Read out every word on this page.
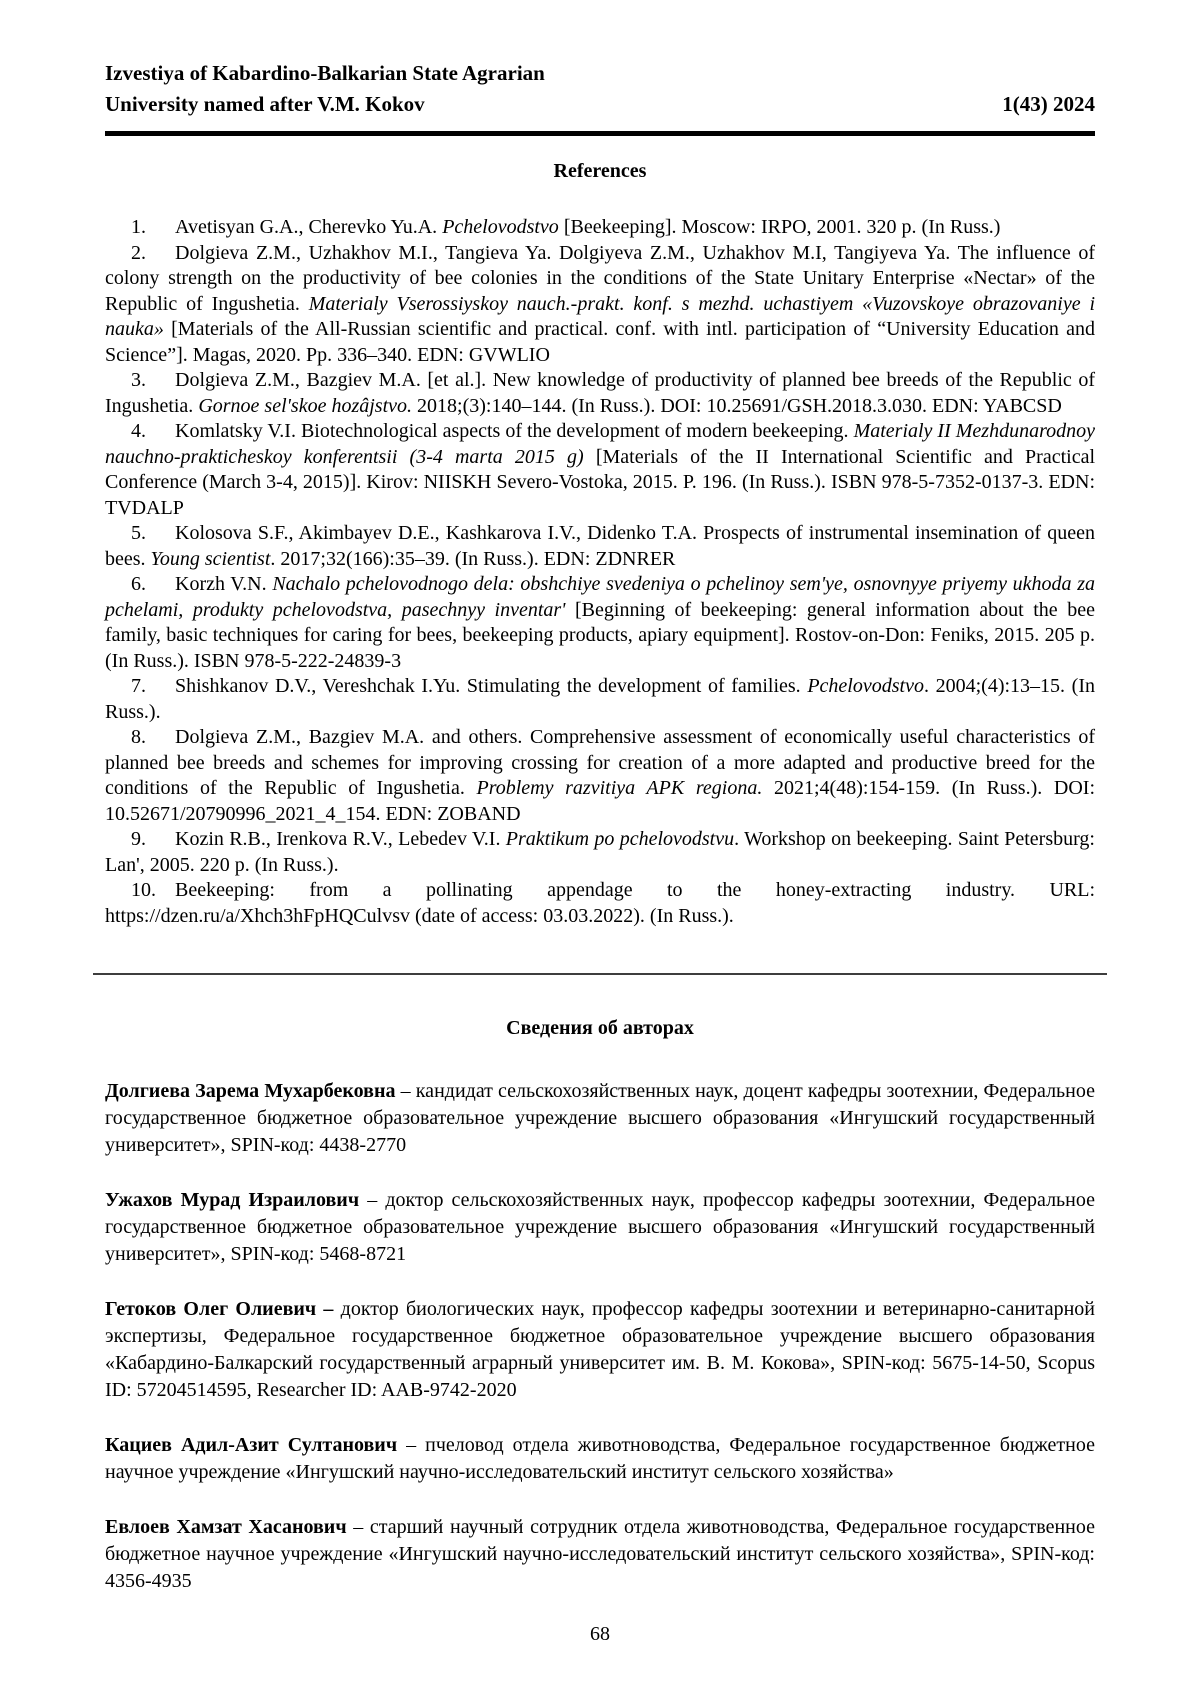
Izvestiya of Kabardino-Balkarian State Agrarian
University named after V.M. Kokov	1(43) 2024
References

1. Avetisyan G.A., Cherevko Yu.A. Pchelovodstvo [Beekeeping]. Moscow: IRPO, 2001. 320 p. (In Russ.)

2. Dolgieva Z.M., Uzhakhov M.I., Tangieva Ya. Dolgiyeva Z.M., Uzhakhov M.I, Tangiyeva Ya. The influence of colony strength on the productivity of bee colonies in the conditions of the State Unitary Enterprise «Nectar» of the Republic of Ingushetia. Materialy Vserossiyskoy nauch.-prakt. konf. s mezhd. uchastiyem «Vuzovskoye obrazovaniye i nauka» [Materials of the All-Russian scientific and practical. conf. with intl. participation of “University Education and Science”]. Magas, 2020. Pp. 336–340. EDN: GVWLIO

3. Dolgieva Z.M., Bazgiev M.A. [et al.]. New knowledge of productivity of planned bee breeds of the Republic of Ingushetia. Gornoe sel'skoe hozâjstvo. 2018;(3):140–144. (In Russ.). DOI: 10.25691/GSH.2018.3.030. EDN: YABCSD

4. Komlatsky V.I. Biotechnological aspects of the development of modern beekeeping. Materialy II Mezhdunarodnoy nauchno-prakticheskoy konferentsii (3-4 marta 2015 g) [Materials of the II International Scientific and Practical Conference (March 3-4, 2015)]. Kirov: NIISKH Severo-Vostoka, 2015. P. 196. (In Russ.). ISBN 978-5-7352-0137-3. EDN: TVDALP

5. Kolosova S.F., Akimbayev D.E., Kashkarova I.V., Didenko T.A. Prospects of instrumental insemination of queen bees. Young scientist. 2017;32(166):35–39. (In Russ.). EDN: ZDNRER

6. Korzh V.N. Nachalo pchelovodnogo dela: obshchiye svedeniya o pchelinoy sem'ye, osnovnyye priyemy ukhoda za pchelami, produkty pchelovodstva, pasechnyy inventar' [Beginning of beekeeping: general information about the bee family, basic techniques for caring for bees, beekeeping products, apiary equipment]. Rostov-on-Don: Feniks, 2015. 205 p. (In Russ.). ISBN 978-5-222-24839-3

7. Shishkanov D.V., Vereshchak I.Yu. Stimulating the development of families. Pchelovodstvo. 2004;(4):13–15. (In Russ.).

8. Dolgieva Z.M., Bazgiev M.A. and others. Comprehensive assessment of economically useful characteristics of planned bee breeds and schemes for improving crossing for creation of a more adapted and productive breed for the conditions of the Republic of Ingushetia. Problemy razvitiya APK regiona. 2021;4(48):154-159. (In Russ.). DOI: 10.52671/20790996_2021_4_154. EDN: ZOBAND

9. Kozin R.B., Irenkova R.V., Lebedev V.I. Praktikum po pchelovodstvu. Workshop on beekeeping. Saint Petersburg: Lan', 2005. 220 p. (In Russ.).

10. Beekeeping: from a pollinating appendage to the honey-extracting industry. URL: https://dzen.ru/a/Xhch3hFpHQCulvsv (date of access: 03.03.2022). (In Russ.).

Сведения об авторах

Долгиева Зарема Мухарбековна – кандидат сельскохозяйственных наук, доцент кафедры зоотехнии, Федеральное государственное бюджетное образовательное учреждение высшего образования «Ингушский государственный университет», SPIN-код: 4438-2770

Ужахов Мурад Израилович – доктор сельскохозяйственных наук, профессор кафедры зоотехнии, Федеральное государственное бюджетное образовательное учреждение высшего образования «Ингушский государственный университет», SPIN-код: 5468-8721

Гетоков Олег Олиевич – доктор биологических наук, профессор кафедры зоотехнии и ветеринарно-санитарной экспертизы, Федеральное государственное бюджетное образовательное учреждение высшего образования «Кабардино-Балкарский государственный аграрный университет им. В. М. Кокова», SPIN-код: 5675-14-50, Scopus ID: 57204514595, Researcher ID: AAB-9742-2020

Кациев Адил-Азит Султанович – пчеловод отдела животноводства, Федеральное государственное бюджетное научное учреждение «Ингушский научно-исследовательский институт сельского хозяйства»

Евлоев Хамзат Хасанович – старший научный сотрудник отдела животноводства, Федеральное государственное бюджетное научное учреждение «Ингушский научно-исследовательский институт сельского хозяйства», SPIN-код: 4356-4935

68
